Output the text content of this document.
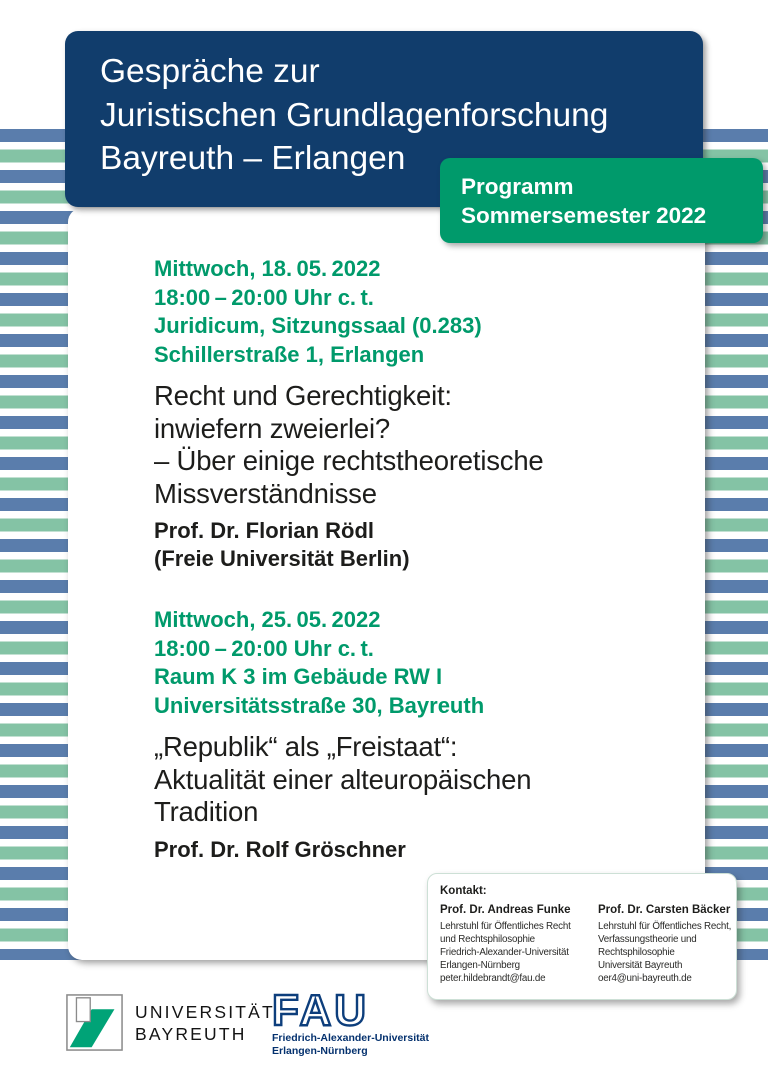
Mittwoch, 18. 05. 2022
18:00 – 20:00 Uhr c. t.
Juridicum, Sitzungssaal (0.283)
Schillerstraße 1, Erlangen
Recht und Gerechtigkeit:
inwiefern zweierlei?
– Über einige rechtstheoretische
Missverständnisse
Prof. Dr. Florian Rödl
(Freie Universität Berlin)
Mittwoch, 25. 05. 2022
18:00 – 20:00 Uhr c. t.
Raum K 3 im Gebäude RW I
Universitätsstraße 30, Bayreuth
„Republik“ als „Freistaat“:
Aktualität einer alteuropäischen
Tradition
Prof. Dr. Rolf Gröschner
Gespräche zur
Juristischen Grundlagenforschung
Bayreuth – Erlangen
Programm
Sommersemester 2022
Kontakt:
Prof. Dr. Andreas Funke
Lehrstuhl für Öffentliches Recht
und Rechtsphilosophie
Friedrich-Alexander-Universität
Erlangen-Nürnberg
peter.hildebrandt@fau.de
Prof. Dr. Carsten Bäcker
Lehrstuhl für Öffentliches Recht,
Verfassungstheorie und
Rechtsphilosophie
Universität Bayreuth
oer4@uni-bayreuth.de
UNIVERSITÄT
BAYREUTH FAU
Friedrich-Alexander-Universität
Erlangen-Nürnberg
